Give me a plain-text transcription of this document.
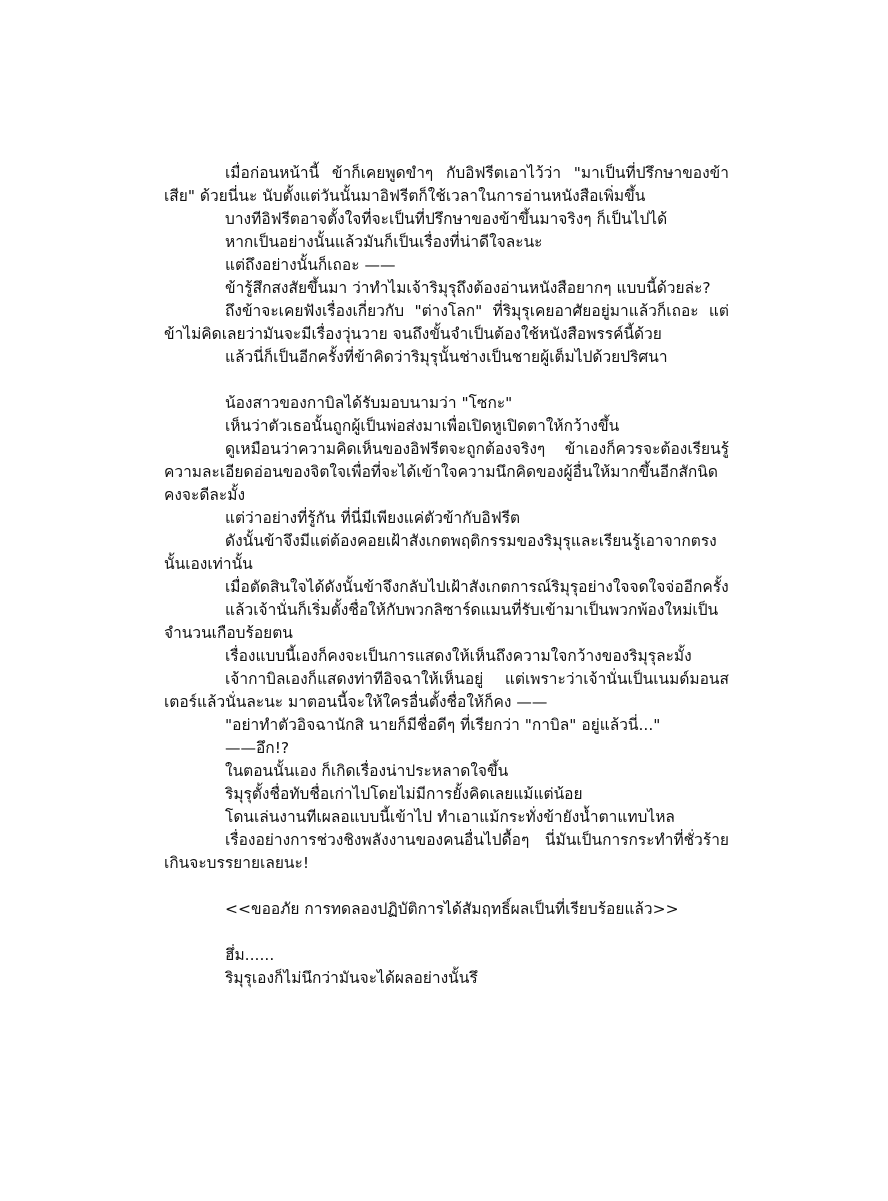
เมื่อก่อนหน้านี้ ข้าก็เคยพูดขำๆ กับอิฟรีตเอาไว้ว่า "มาเป็นที่ปรึกษาของข้าเสีย" ด้วยนี่นะ นับตั้งแต่วันนั้นมาอิฟรีตก็ใช้เวลาในการอ่านหนังสือเพิ่มขึ้น

บางทีอิฟรีตอาจตั้งใจที่จะเป็นที่ปรึกษาของข้าขึ้นมาจริงๆ ก็เป็นไปได้

หากเป็นอย่างนั้นแล้วมันก็เป็นเรื่องที่น่าดีใจละนะ

แต่ถึงอย่างนั้นก็เถอะ ——

ข้ารู้สึกสงสัยขึ้นมา ว่าทำไมเจ้าริมุรุถึงต้องอ่านหนังสือยากๆ แบบนี้ด้วยล่ะ?

ถึงข้าจะเคยฟังเรื่องเกี่ยวกับ "ต่างโลก" ที่ริมุรุเคยอาศัยอยู่มาแล้วก็เถอะ แต่ข้าไม่คิดเลยว่ามันจะมีเรื่องวุ่นวาย จนถึงขั้นจำเป็นต้องใช้หนังสือพรรค์นี้ด้วย

แล้วนี่ก็เป็นอีกครั้งที่ข้าคิดว่าริมุรุนั้นช่างเป็นชายผู้เต็มไปด้วยปริศนา

น้องสาวของกาบิลได้รับมอบนามว่า "โซกะ"

เห็นว่าตัวเธอนั้นถูกผู้เป็นพ่อส่งมาเพื่อเปิดหูเปิดตาให้กว้างขึ้น

ดูเหมือนว่าความคิดเห็นของอิฟรีตจะถูกต้องจริงๆ ข้าเองก็ควรจะต้องเรียนรู้ความละเอียดอ่อนของจิตใจเพื่อที่จะได้เข้าใจความนึกคิดของผู้อื่นให้มากขึ้นอีกสักนิด คงจะดีละมั้ง

แต่ว่าอย่างที่รู้กัน ที่นี่มีเพียงแค่ตัวข้ากับอิฟรีต

ดังนั้นข้าจึงมีแต่ต้องคอยเฝ้าสังเกตพฤติกรรมของริมุรุและเรียนรู้เอาจากตรงนั้นเองเท่านั้น

เมื่อตัดสินใจได้ดังนั้นข้าจึงกลับไปเฝ้าสังเกตการณ์ริมุรุอย่างใจจดใจจ่ออีกครั้ง

แล้วเจ้านั่นก็เริ่มตั้งชื่อให้กับพวกลิซาร์ดแมนที่รับเข้ามาเป็นพวกพ้องใหม่เป็นจำนวนเกือบร้อยตน

เรื่องแบบนี้เองก็คงจะเป็นการแสดงให้เห็นถึงความใจกว้างของริมุรุละมั้ง

เจ้ากาบิลเองก็แสดงท่าทีอิจฉาให้เห็นอยู่ แต่เพราะว่าเจ้านั่นเป็นเนมด์มอนสเตอร์แล้วนั่นละนะ มาตอนนี้จะให้ใครอื่นตั้งชื่อให้ก็คง ——

"อย่าทำตัวอิจฉานักสิ นายก็มีชื่อดีๆ ที่เรียกว่า "กาบิล" อยู่แล้วนี่..."

——อึก!?

ในตอนนั้นเอง ก็เกิดเรื่องน่าประหลาดใจขึ้น

ริมุรุตั้งชื่อทับชื่อเก่าไปโดยไม่มีการยั้งคิดเลยแม้แต่น้อย

โดนเล่นงานทีเผลอแบบนี้เข้าไป ทำเอาแม้กระทั่งข้ายังน้ำตาแทบไหล

เรื่องอย่างการช่วงชิงพลังงานของคนอื่นไปดื้อๆ นี่มันเป็นการกระทำที่ชั่วร้ายเกินจะบรรยายเลยนะ!

<<ขออภัย การทดลองปฏิบัติการได้สัมฤทธิ์ผลเป็นที่เรียบร้อยแล้ว>>

ฮึ่ม......

ริมุรุเองก็ไม่นึกว่ามันจะได้ผลอย่างนั้นรึ
